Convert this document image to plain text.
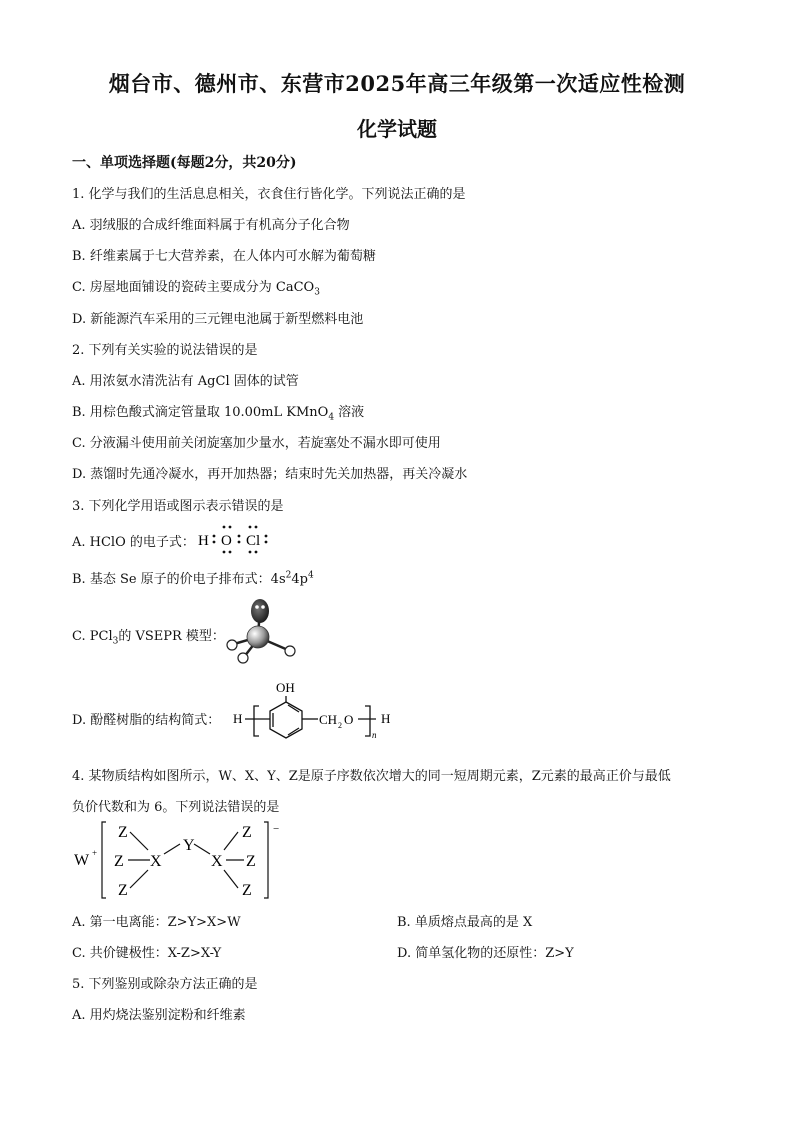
烟台市、德州市、东营市2025年高三年级第一次适应性检测
化学试题
一、单项选择题(每题2分，共20分)
1. 化学与我们的生活息息相关，衣食住行皆化学。下列说法正确的是
A. 羽绒服的合成纤维面料属于有机高分子化合物
B. 纤维素属于七大营养素，在人体内可水解为葡萄糖
C. 房屋地面铺设的瓷砖主要成分为 CaCO$_3$
D. 新能源汽车采用的三元锂电池属于新型燃料电池
2. 下列有关实验的说法错误的是
A. 用浓氨水清洗沾有 AgCl 固体的试管
B. 用棕色酸式滴定管量取 10.00mL KMnO$_4$ 溶液
C. 分液漏斗使用前关闭旋塞加少量水，若旋塞处不漏水即可使用
D. 蒸馏时先通冷凝水，再开加热器；结束时先关加热器，再关冷凝水
3. 下列化学用语或图示表示错误的是
A. HClO 的电子式： H O Cl
B. 基态 Se 原子的价电子排布式：$4s^24p^4$
C. PCl$_3$的 VSEPR 模型：
D. 酚醛树脂的结构简式：
OH
H	CH 2 O
n
H
4. 某物质结构如图所示，W、X、Y、Z是原子序数依次增大的同一短周期元素，Z元素的最高正价与最低
负价代数和为 6。下列说法错误的是
W +
Z
Z
Z
X
Y
X
Z
Z
Z
−
A. 第一电离能：Z>Y>X>W	B. 单质熔点最高的是 X
C. 共价键极性：X-Z>X-Y	D. 简单氢化物的还原性：Z>Y
5. 下列鉴别或除杂方法正确的是
A. 用灼烧法鉴别淀粉和纤维素
